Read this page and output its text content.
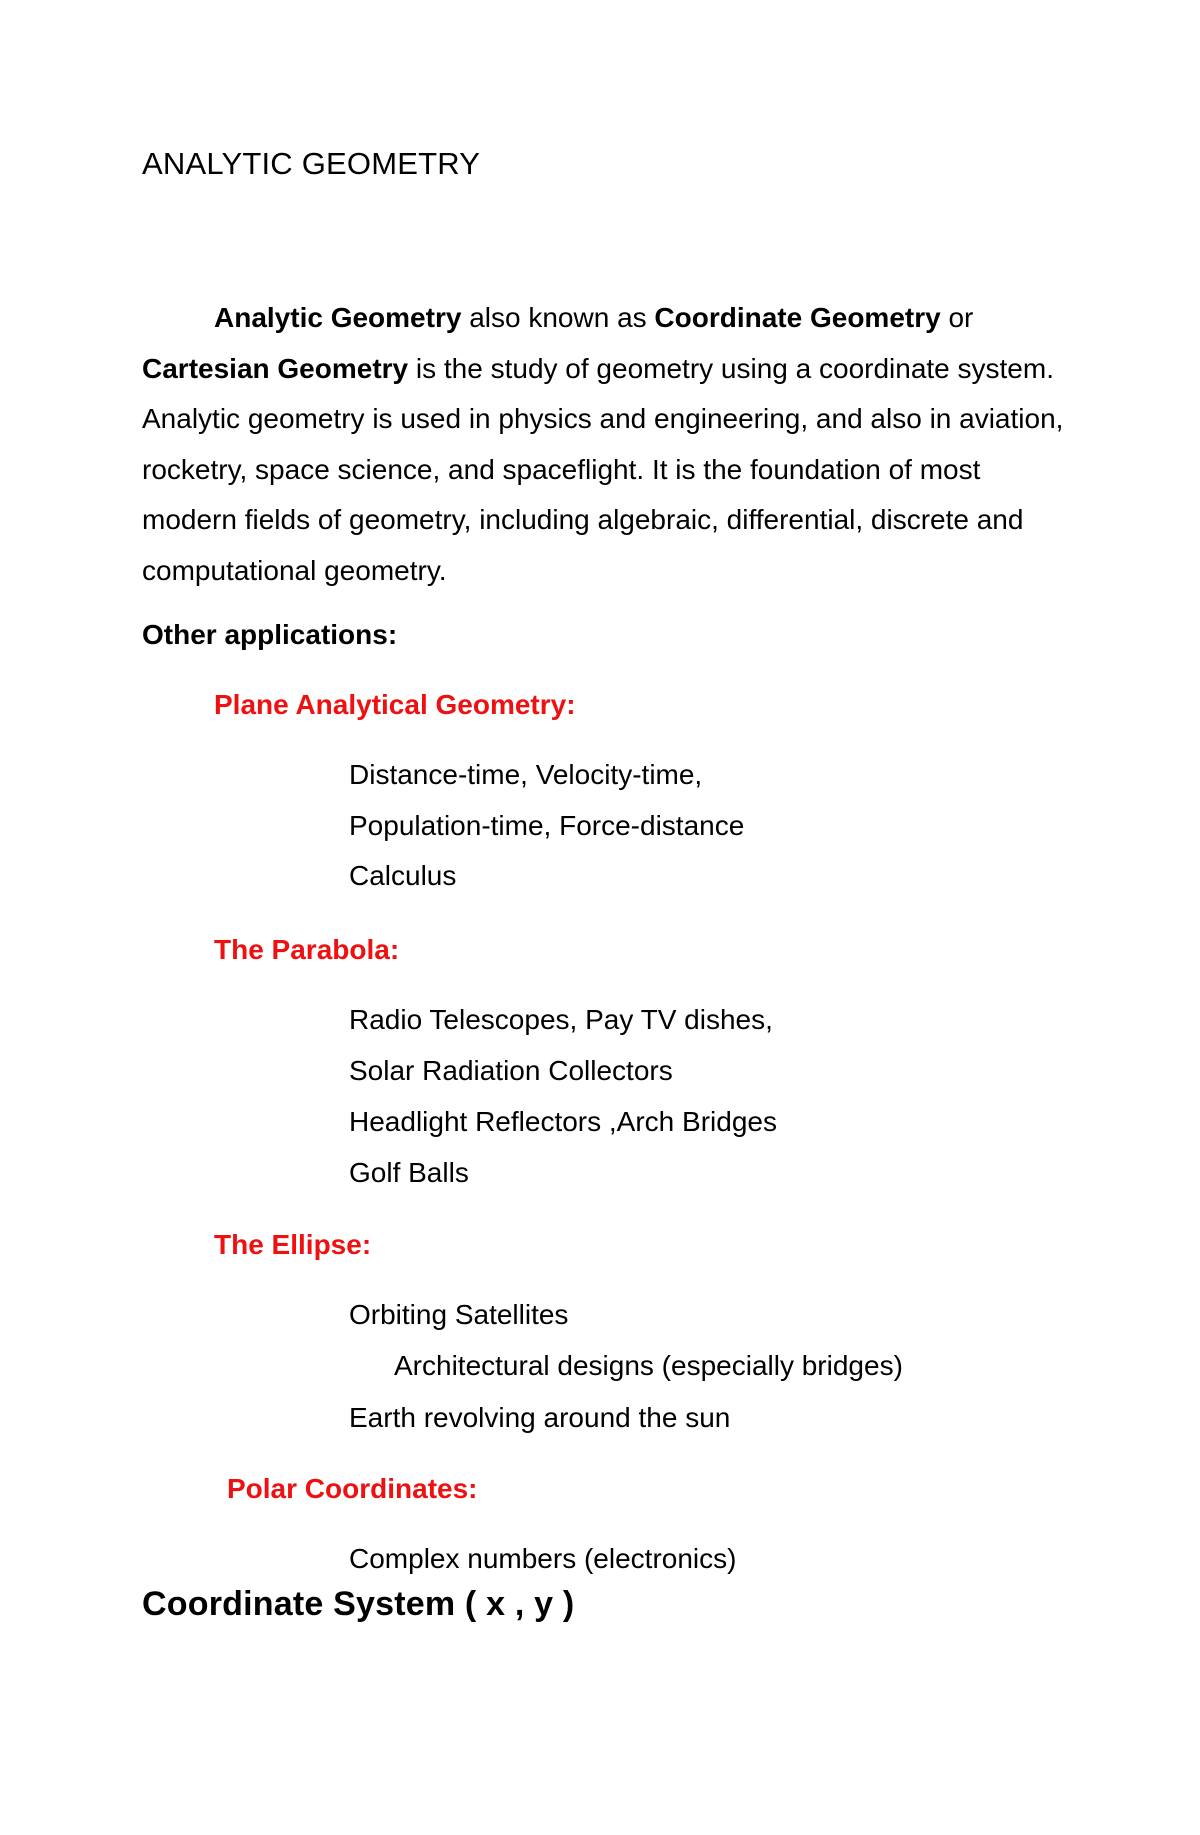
ANALYTIC GEOMETRY
Analytic Geometry also known as Coordinate Geometry or Cartesian Geometry is the study of geometry using a coordinate system. Analytic geometry is used in physics and engineering, and also in aviation, rocketry, space science, and spaceflight. It is the foundation of most modern fields of geometry, including algebraic, differential, discrete and computational geometry.
Other applications:
Plane Analytical Geometry:
Distance-time, Velocity-time,
Population-time, Force-distance
Calculus
The Parabola:
Radio Telescopes, Pay TV dishes,
Solar Radiation Collectors
Headlight Reflectors ,Arch Bridges
Golf Balls
The Ellipse:
Orbiting Satellites
Architectural designs (especially bridges)
Earth revolving around the sun
Polar Coordinates:
Complex numbers (electronics)
Coordinate System ( x , y )
